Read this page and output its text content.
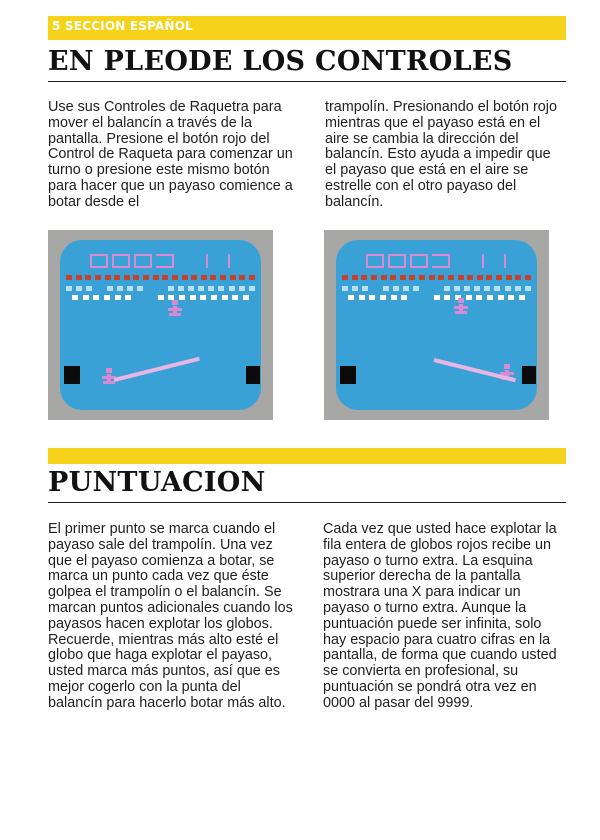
5 SECCION ESPAÑOL
EN PLEODE LOS CONTROLES

Use sus Controles de Raquetra para mover el balancín a través de la pantalla. Presione el botón rojo del Control de Raqueta para comenzar un turno o presione este mismo botón para hacer que un payaso comience a botar desde el

trampolín. Presionando el botón rojo mientras que el payaso está en el aire se cambia la dirección del balancín. Esto ayuda a impedir que el payaso que está en el aire se estrelle con el otro payaso del balancín.

PUNTUACION

El primer punto se marca cuando el payaso sale del trampolín. Una vez que el payaso comienza a botar, se marca un punto cada vez que éste golpea el trampolín o el balancín. Se marcan puntos adicionales cuando los payasos hacen explotar los globos. Recuerde, mientras más alto esté el globo que haga explotar el payaso, usted marca más puntos, así que es mejor cogerlo con la punta del balancín para hacerlo botar más alto.

Cada vez que usted hace explotar la fila entera de globos rojos recibe un payaso o turno extra. La esquina superior derecha de la pantalla mostrara una X para indicar un payaso o turno extra. Aunque la puntuación puede ser infinita, solo hay espacio para cuatro cifras en la pantalla, de forma que cuando usted se convierta en profesional, su puntuación se pondrá otra vez en 0000 al pasar del 9999.
